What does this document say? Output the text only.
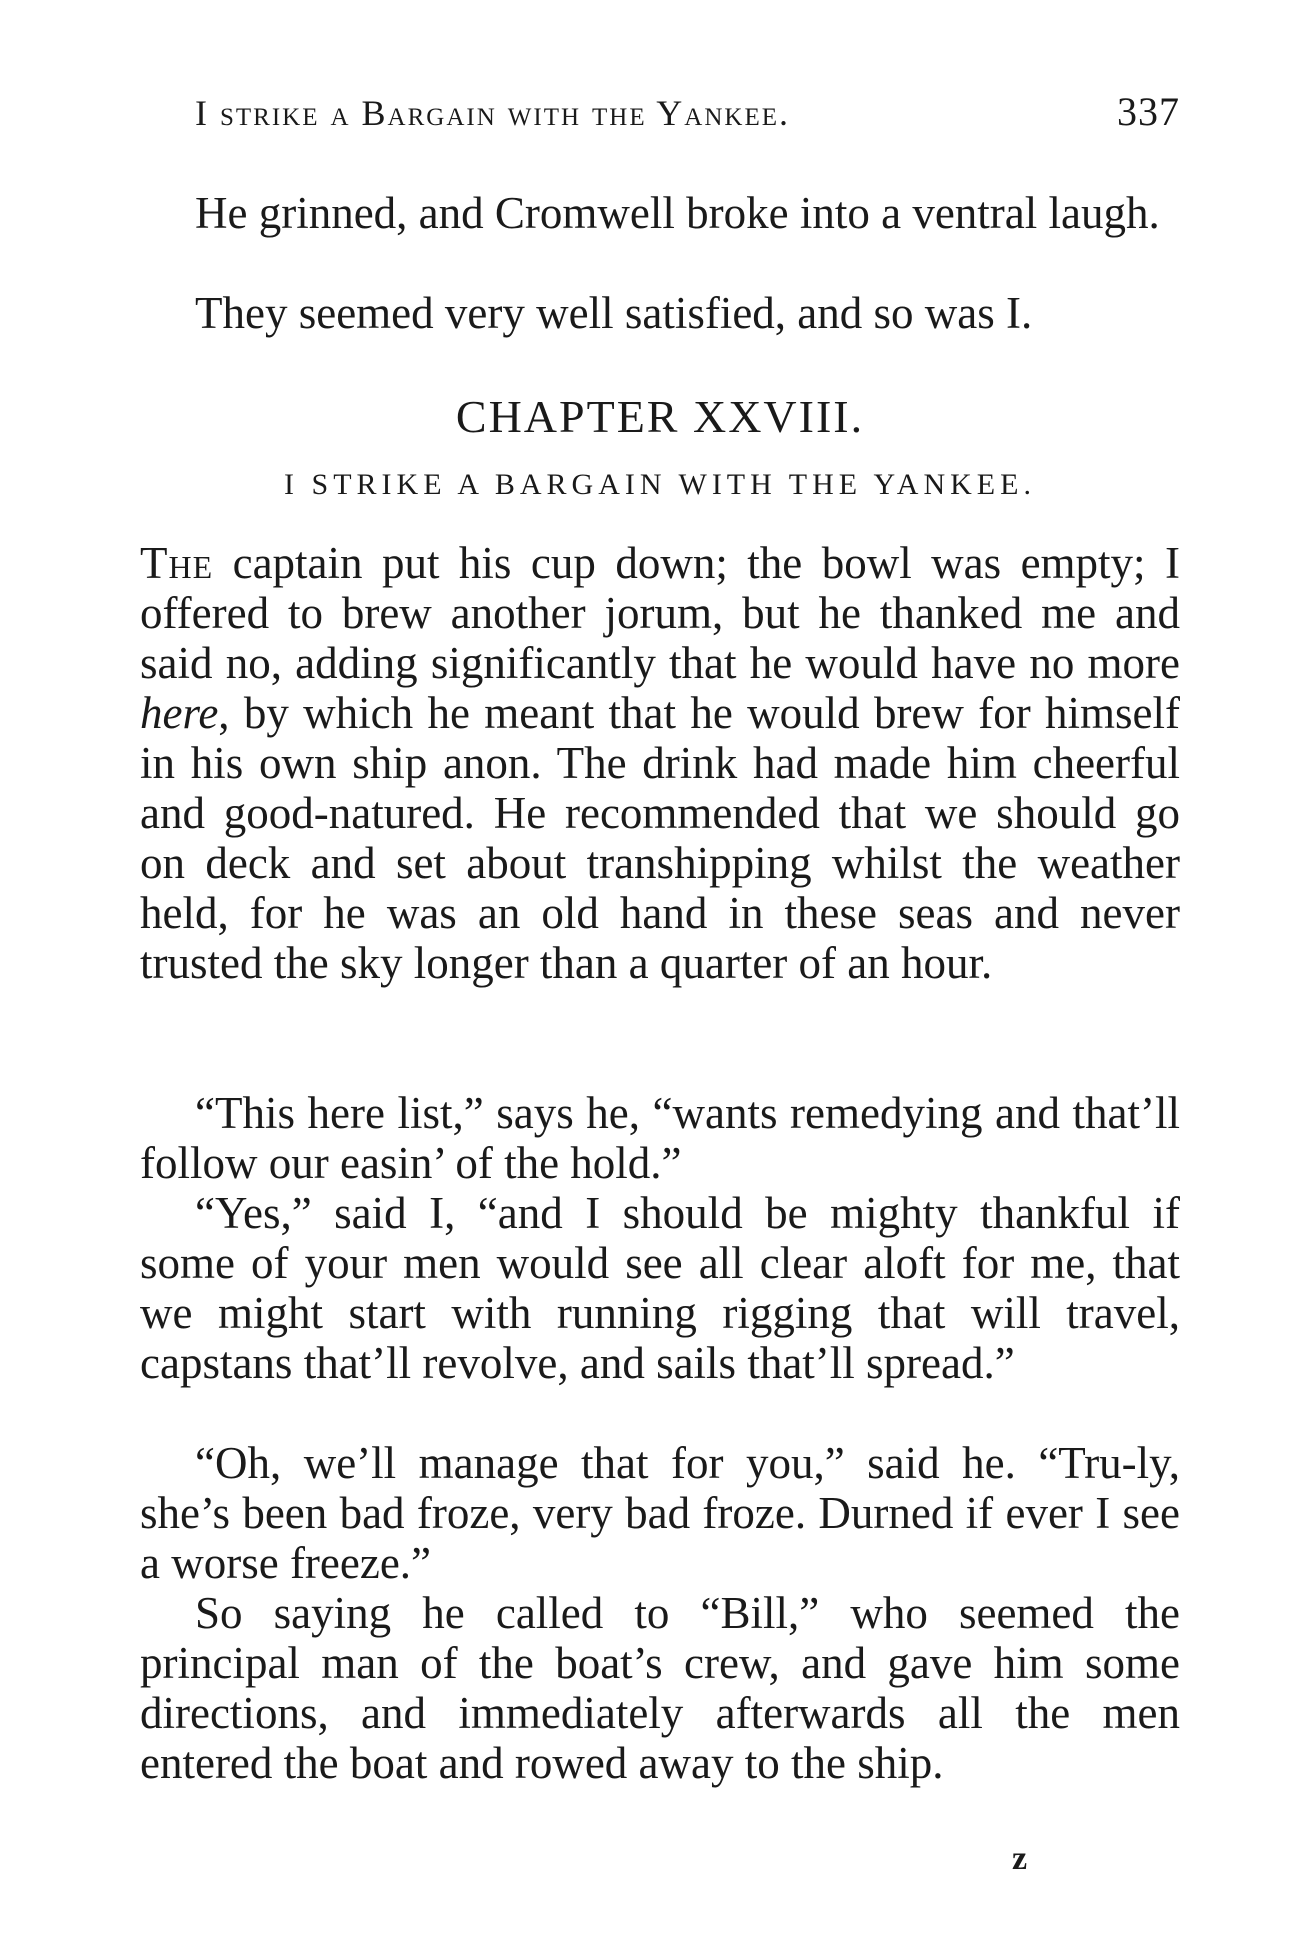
I strike a Bargain with the Yankee.	337

He grinned, and Cromwell broke into a ventral laugh.

They seemed very well satisfied, and so was I.

CHAPTER XXVIII.
I STRIKE A BARGAIN WITH THE YANKEE.

The captain put his cup down; the bowl was empty; I offered to brew another jorum, but he thanked me and said no, adding significantly that he would have no more here, by which he meant that he would brew for himself in his own ship anon. The drink had made him cheerful and good-natured. He recommended that we should go on deck and set about transhipping whilst the weather held, for he was an old hand in these seas and never trusted the sky longer than a quarter of an hour.

“This here list,” says he, “wants remedying and that’ll follow our easin’ of the hold.”

“Yes,” said I, “and I should be mighty thankful if some of your men would see all clear aloft for me, that we might start with running rigging that will travel, capstans that’ll revolve, and sails that’ll spread.”

“Oh, we’ll manage that for you,” said he. “Tru-ly, she’s been bad froze, very bad froze. Durned if ever I see a worse freeze.”

So saying he called to “Bill,” who seemed the principal man of the boat’s crew, and gave him some directions, and immediately afterwards all the men entered the boat and rowed away to the ship.

z
